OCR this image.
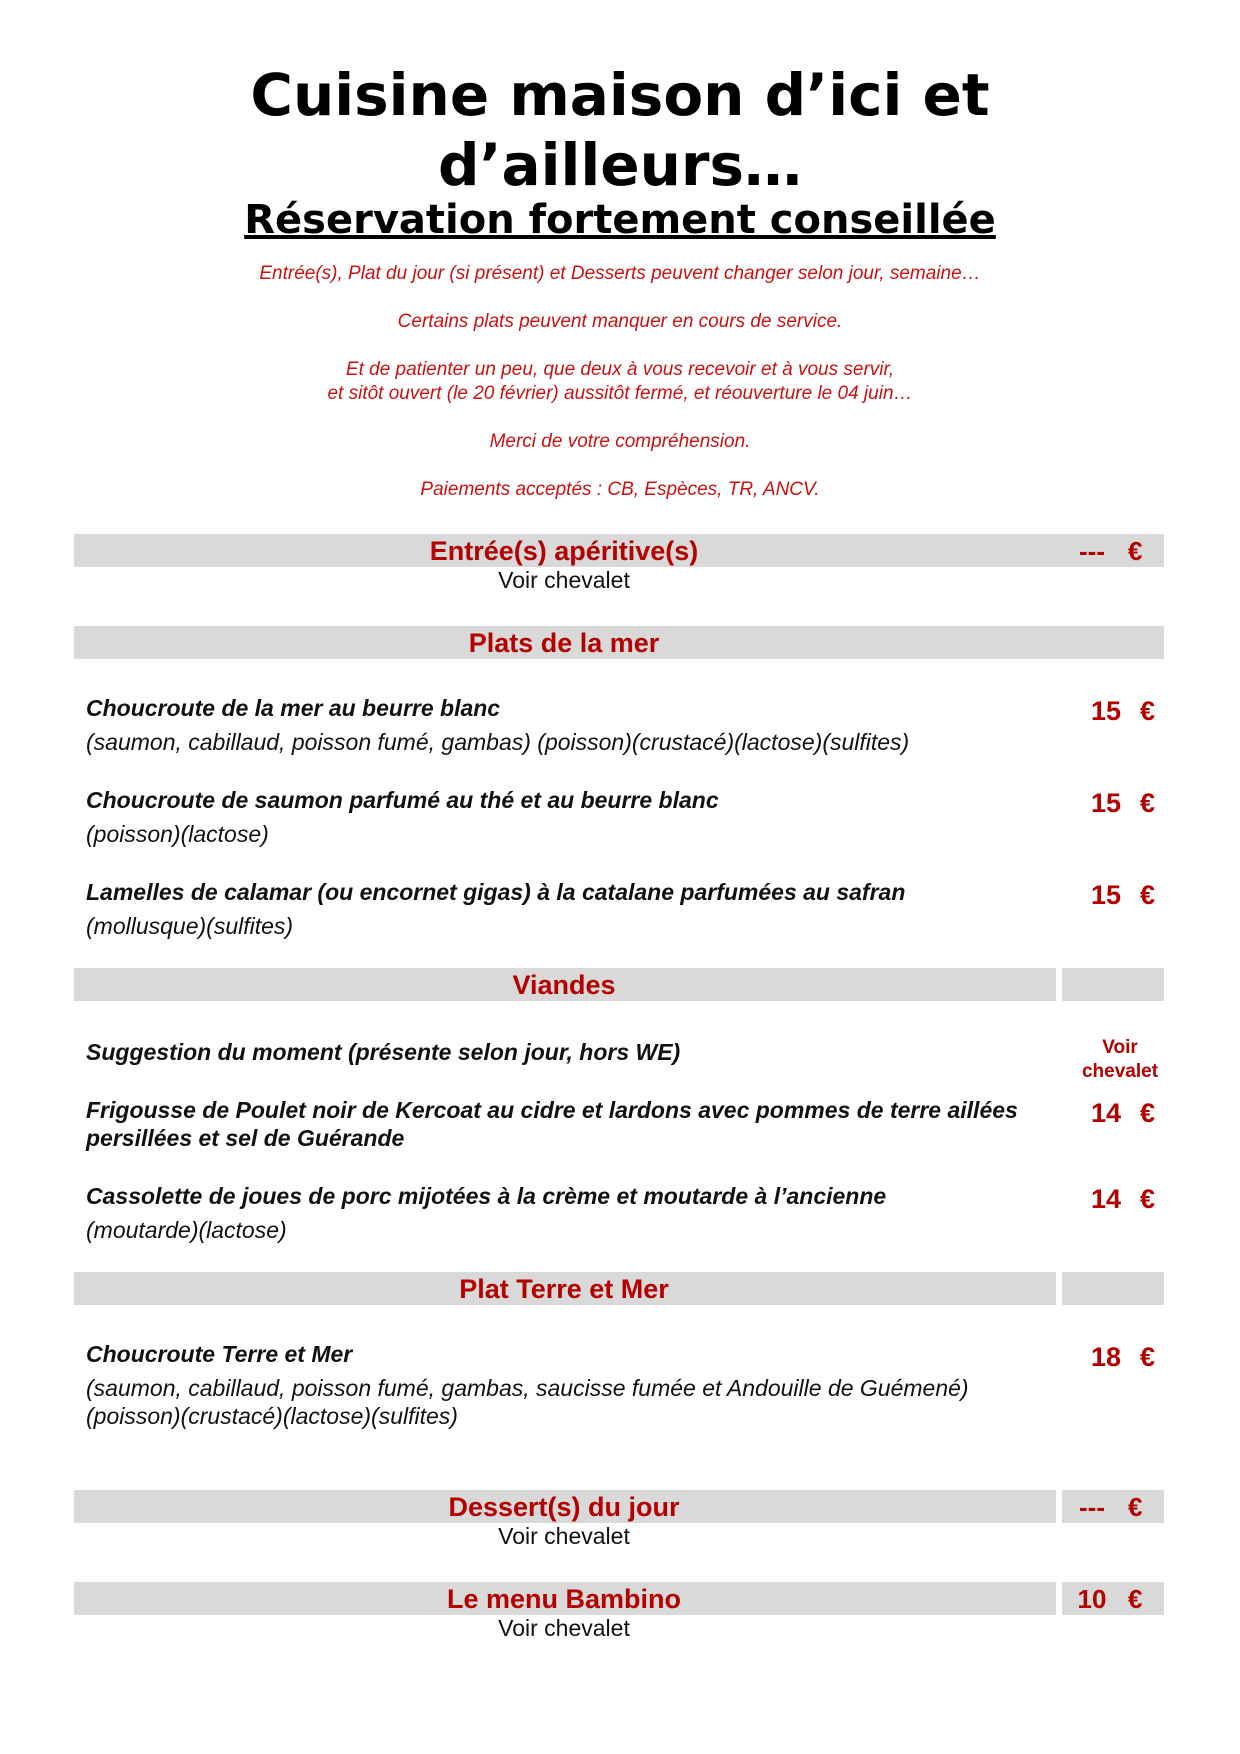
Cuisine maison d’ici et
d’ailleurs…
Réservation fortement conseillée

Entrée(s), Plat du jour (si présent) et Desserts peuvent changer selon jour, semaine…

Certains plats peuvent manquer en cours de service.

Et de patienter un peu, que deux à vous recevoir et à vous servir,

et sitôt ouvert (le 20 février) aussitôt fermé, et réouverture le 04 juin…

Merci de votre compréhension.

Paiements acceptés : CB, Espèces, TR, ANCV.

Entrée(s) apéritive(s)	--- €
Voir chevalet
Plats de la mer
Choucroute de la mer au beurre blanc
(saumon, cabillaud, poisson fumé, gambas) (poisson)(crustacé)(lactose)(sulfites)
15 €
Choucroute de saumon parfumé au thé et au beurre blanc
(poisson)(lactose)
15 €
Lamelles de calamar (ou encornet gigas) à la catalane parfumées au safran
(mollusque)(sulfites)
15 €
Viandes
Suggestion du moment (présente selon jour, hors WE)	Voir
chevalet
Frigousse de Poulet noir de Kercoat au cidre et lardons avec pommes de terre aillées persillées et sel de Guérande
14 €
Cassolette de joues de porc mijotées à la crème et moutarde à l’ancienne
(moutarde)(lactose)
14 €
Plat Terre et Mer
Choucroute Terre et Mer
(saumon, cabillaud, poisson fumé, gambas, saucisse fumée et Andouille de Guémené)
(poisson)(crustacé)(lactose)(sulfites)
18 €
Dessert(s) du jour	--- €
Voir chevalet
Le menu Bambino	10 €
Voir chevalet
